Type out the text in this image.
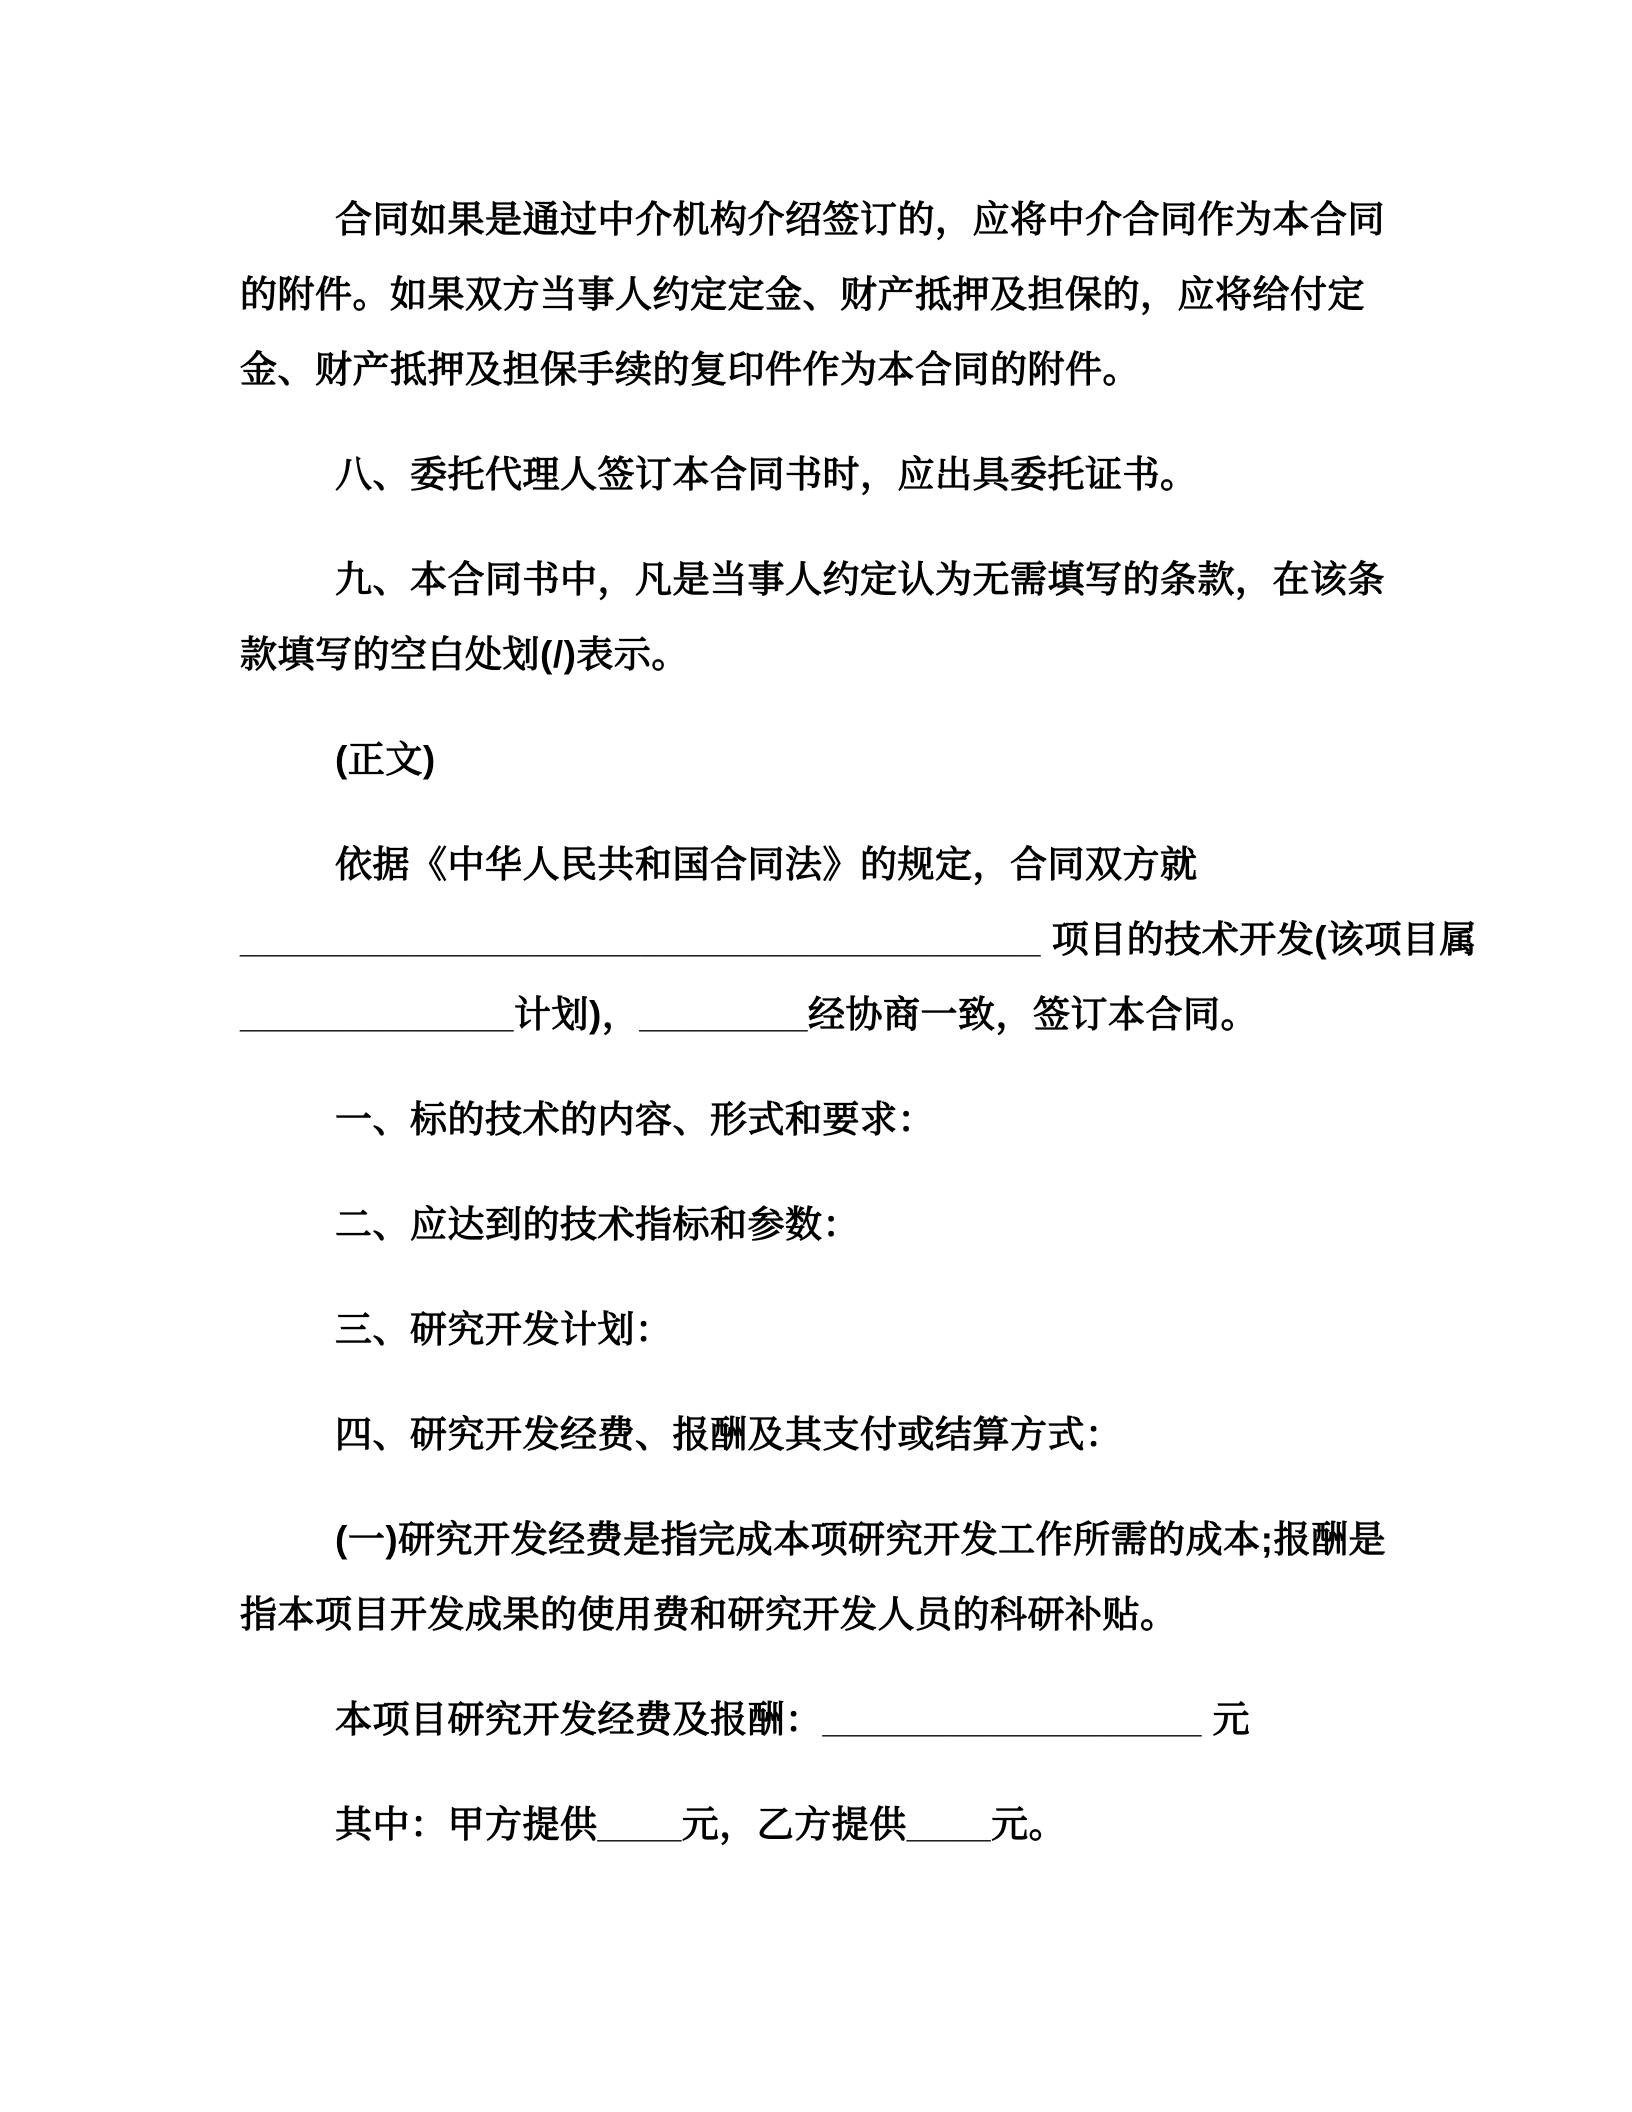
合同如果是通过中介机构介绍签订的，应将中介合同作为本合同
的附件。如果双方当事人约定定金、财产抵押及担保的，应将给付定
金、财产抵押及担保手续的复印件作为本合同的附件。
八、委托代理人签订本合同书时，应出具委托证书。
九、本合同书中，凡是当事人约定认为无需填写的条款，在该条
款填写的空白处划(/)表示。
(正文)
依据《中华人民共和国合同法》的规定，合同双方就
______________________________________ 项目的技术开发(该项目属
_____________计划)，________经协商一致，签订本合同。
一、标的技术的内容、形式和要求：
二、应达到的技术指标和参数：
三、研究开发计划：
四、研究开发经费、报酬及其支付或结算方式：
(一)研究开发经费是指完成本项研究开发工作所需的成本;报酬是
指本项目开发成果的使用费和研究开发人员的科研补贴。
本项目研究开发经费及报酬：__________________ 元
其中：甲方提供____元，乙方提供____元。
